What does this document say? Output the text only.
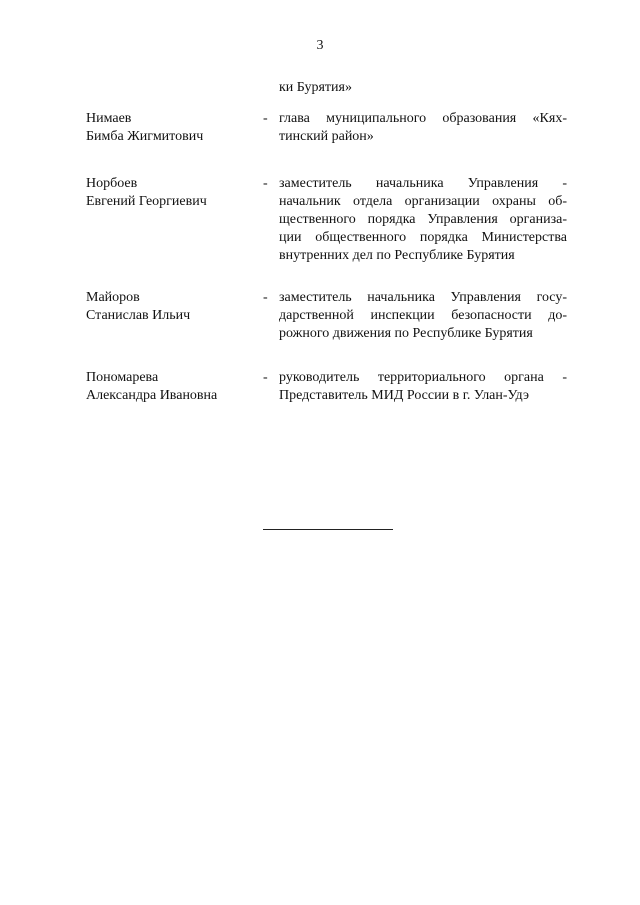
3
ки Бурятия»
Нимаев
Бимба Жигмитович
- глава муниципального образования «Кях-
тинский район»
Норбоев
Евгений Георгиевич
- заместитель начальника Управления -
начальник отдела организации охраны об-
щественного порядка Управления организа-
ции общественного порядка Министерства
внутренних дел по Республике Бурятия
Майоров
Станислав Ильич
- заместитель начальника Управления госу-
дарственной инспекции безопасности до-
рожного движения по Республике Бурятия
Пономарева
Александра Ивановна
- руководитель территориального органа -
Представитель МИД России в г. Улан-Удэ
